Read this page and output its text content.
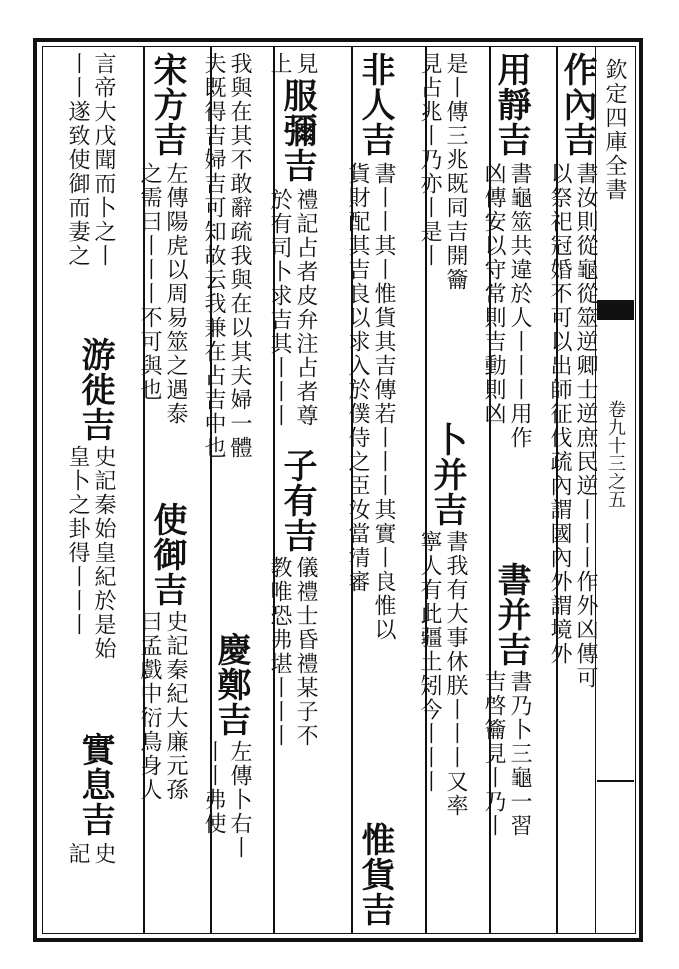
欽定四庫全書
卷九十三之五
作內吉
書汝則從龜從筮逆卿士逆庶民逆丨丨丨作外凶傳可
以祭祀冠婚不可以出師征伐疏內謂國內外謂境外
用靜吉
書龜筮共違於人丨丨丨用作
凶傳安以守常則吉動則凶
書并吉
書乃卜三龜一習
吉啓籥見丨乃丨
是丨傳三兆既同吉開籥
見占兆丨乃亦丨是丨
卜并吉
書我有大事休朕丨丨丨又率
寧人有此疆土矧今丨丨丨
非人吉
書丨丨其丨惟貨其吉傳若丨丨丨其實丨良惟以
貨財配其吉良以求入於僕侍之臣汝當清審
惟貨吉
見
上
服彌吉
禮記占者皮弁注占者尊
於有司卜求吉其丨丨丨
子有吉
儀禮士昏禮某子不
教唯恐弗堪丨丨丨
我與在其不敢辭疏我與在以其夫婦一體
夫既得吉婦吉可知故云我兼在占吉中也
慶鄭吉
左傳卜右丨
丨丨弗使
宋方吉
左傳陽虎以周易筮之遇泰
之需曰丨丨丨不可與也
使御吉
史記秦紀大廉元孫
曰孟戲中衍鳥身人
言帝大戊聞而卜之丨
丨丨遂致使御而妻之
游徙吉
史記秦始皇紀於是始
皇卜之卦得丨丨丨
實息吉
史
記
